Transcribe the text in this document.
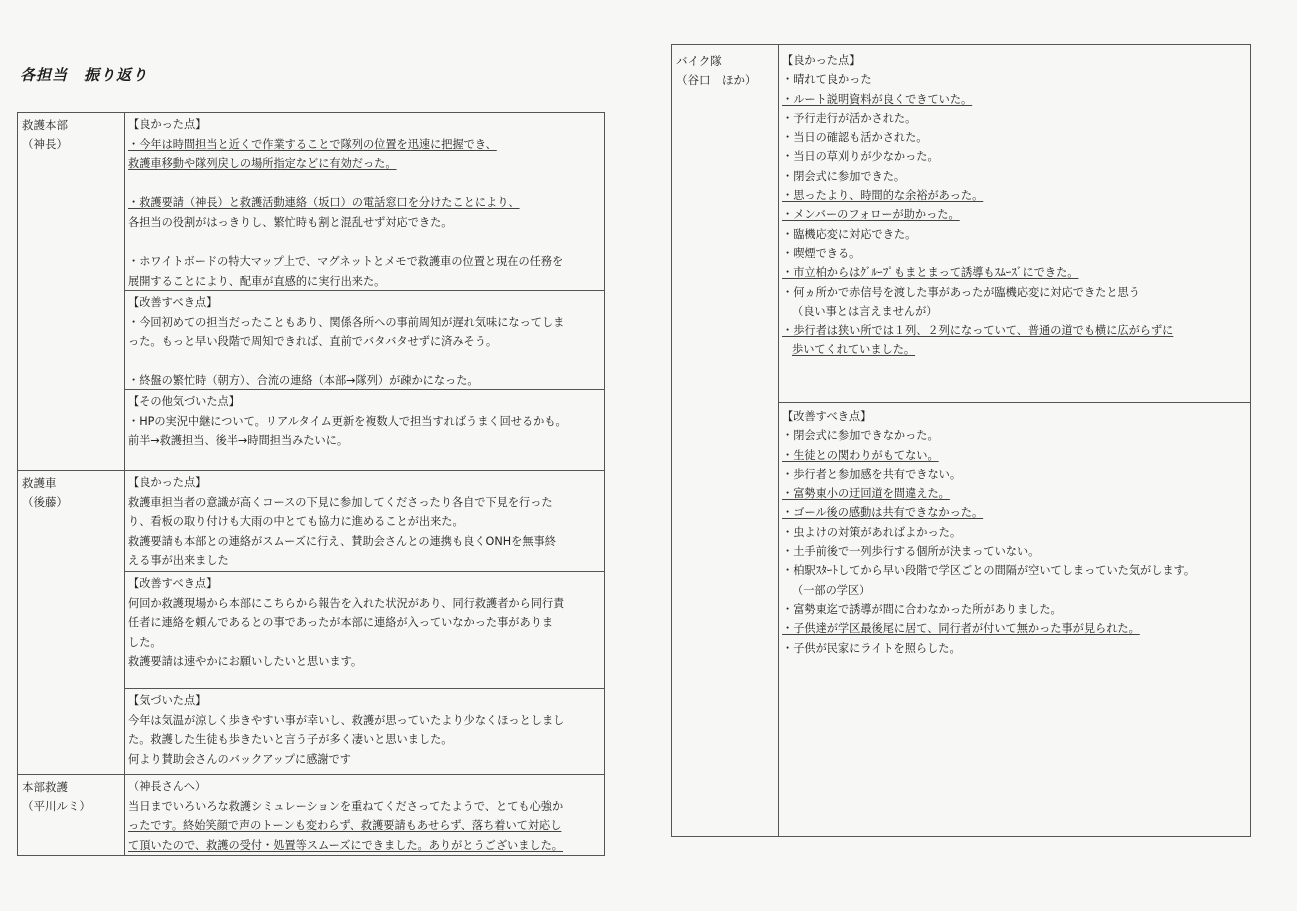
各担当　振り返り
救護本部
（神長）
【良かった点】
・今年は時間担当と近くで作業することで隊列の位置を迅速に把握でき、
救護車移動や隊列戻しの場所指定などに有効だった。
・救護要請（神長）と救護活動連絡（坂口）の電話窓口を分けたことにより、
各担当の役割がはっきりし、繁忙時も割と混乱せず対応できた。
・ホワイトボードの特大マップ上で、マグネットとメモで救護車の位置と現在の任務を
展開することにより、配車が直感的に実行出来た。
【改善すべき点】
・今回初めての担当だったこともあり、関係各所への事前周知が遅れ気味になってしま
った。もっと早い段階で周知できれば、直前でバタバタせずに済みそう。
・終盤の繁忙時（朝方）、合流の連絡（本部→隊列）が疎かになった。
【その他気づいた点】
・HPの実況中継について。リアルタイム更新を複数人で担当すればうまく回せるかも。
前半→救護担当、後半→時間担当みたいに。
救護車
（後藤）
【良かった点】
救護車担当者の意識が高くコースの下見に参加してくださったり各自で下見を行った
り、看板の取り付けも大雨の中とても協力に進めることが出来た。
救護要請も本部との連絡がスムーズに行え、賛助会さんとの連携も良くONHを無事終
える事が出来ました
【改善すべき点】
何回か救護現場から本部にこちらから報告を入れた状況があり、同行救護者から同行責
任者に連絡を頼んであるとの事であったが本部に連絡が入っていなかった事がありま
した。
救護要請は速やかにお願いしたいと思います。
【気づいた点】
今年は気温が涼しく歩きやすい事が幸いし、救護が思っていたより少なくほっとしまし
た。救護した生徒も歩きたいと言う子が多く凄いと思いました。
何より賛助会さんのバックアップに感謝です
本部救護
（平川ルミ）
（神長さんへ）
当日までいろいろな救護シミュレーションを重ねてくださってたようで、とても心強か
ったです。終始笑顔で声のトーンも変わらず、救護要請もあせらず、落ち着いて対応し
て頂いたので、救護の受付・処置等スムーズにできました。ありがとうございました。
バイク隊
（谷口　ほか）
【良かった点】
・晴れて良かった
・ルート説明資料が良くできていた。
・予行走行が活かされた。
・当日の確認も活かされた。
・当日の草刈りが少なかった。
・閉会式に参加できた。
・思ったより、時間的な余裕があった。
・メンバーのフォローが助かった。
・臨機応変に対応できた。
・喫煙できる。
・市立柏からはｸﾞﾙｰﾌﾟもまとまって誘導もｽﾑｰｽﾞにできた。
・何ヵ所かで赤信号を渡した事があったが臨機応変に対応できたと思う
（良い事とは言えませんが）
・歩行者は狭い所では１列、２列になっていて、普通の道でも横に広がらずに
歩いてくれていました。
【改善すべき点】
・閉会式に参加できなかった。
・生徒との関わりがもてない。
・歩行者と参加感を共有できない。
・富勢東小の迂回道を間違えた。
・ゴール後の感動は共有できなかった。
・虫よけの対策があればよかった。
・土手前後で一列歩行する個所が決まっていない。
・柏駅ｽﾀｰﾄしてから早い段階で学区ごとの間隔が空いてしまっていた気がします。
（一部の学区）
・富勢東迄で誘導が間に合わなかった所がありました。
・子供達が学区最後尾に居て、同行者が付いて無かった事が見られた。
・子供が民家にライトを照らした。
